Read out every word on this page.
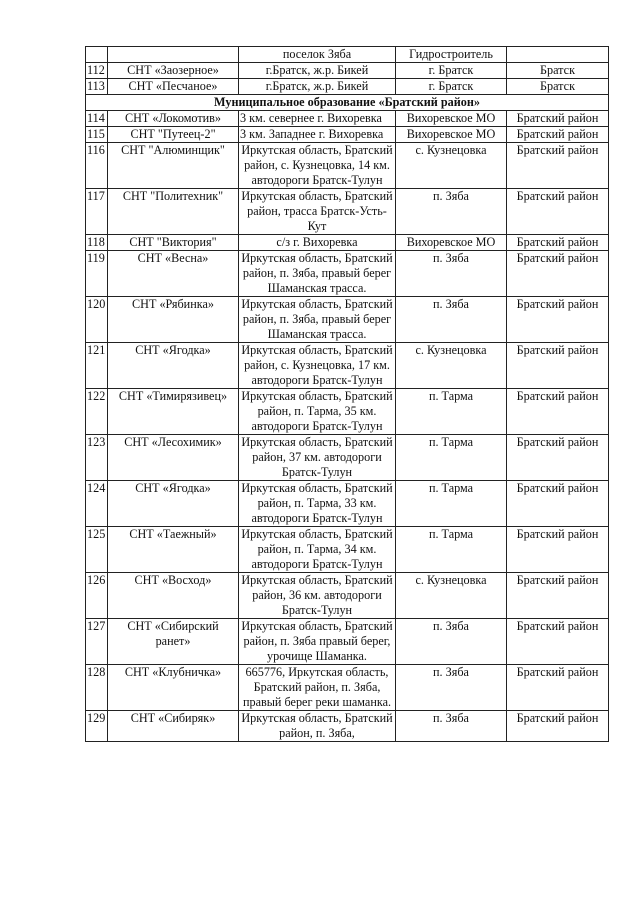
		поселок Зяба	Гидростроитель	
112	СНТ «Заозерное»	г.Братск, ж.р. Бикей	г. Братск	Братск
113	СНТ «Песчаное»	г.Братск, ж.р. Бикей	г. Братск	Братск
Муниципальное образование «Братский район»				
114	СНТ «Локомотив»	3 км. севернее г. Вихоревка	Вихоревское МО	Братский район
115	СНТ "Путеец-2"	3 км. Западнее г. Вихоревка	Вихоревское МО	Братский район
116	СНТ "Алюминщик"	Иркутская область, Братский район, с. Кузнецовка, 14 км. автодороги Братск-Тулун	с. Кузнецовка	Братский район
117	СНТ "Политехник"	Иркутская область, Братский район, трасса Братск-Усть-Кут	п. Зяба	Братский район
118	СНТ "Виктория"	с/з г. Вихоревка	Вихоревское МО	Братский район
119	СНТ «Весна»	Иркутская область, Братский район, п. Зяба, правый берег Шаманская трасса.	п. Зяба	Братский район
120	СНТ «Рябинка»	Иркутская область, Братский район, п. Зяба, правый берег Шаманская трасса.	п. Зяба	Братский район
121	СНТ «Ягодка»	Иркутская область, Братский район, с. Кузнецовка, 17 км. автодороги Братск-Тулун	с. Кузнецовка	Братский район
122	СНТ «Тимирязивец»	Иркутская область, Братский район, п. Тарма, 35 км. автодороги Братск-Тулун	п. Тарма	Братский район
123	СНТ «Лесохимик»	Иркутская область, Братский район, 37 км. автодороги Братск-Тулун	п. Тарма	Братский район
124	СНТ «Ягодка»	Иркутская область, Братский район, п. Тарма, 33 км. автодороги Братск-Тулун	п. Тарма	Братский район
125	СНТ «Таежный»	Иркутская область, Братский район, п. Тарма, 34 км. автодороги Братск-Тулун	п. Тарма	Братский район
126	СНТ «Восход»	Иркутская область, Братский район, 36 км. автодороги Братск-Тулун	с. Кузнецовка	Братский район
127	СНТ «Сибирский ранет»	Иркутская область, Братский район, п. Зяба правый берег, урочище Шаманка.	п. Зяба	Братский район
128	СНТ «Клубничка»	665776, Иркутская область, Братский район, п. Зяба, правый берег реки шаманка.	п. Зяба	Братский район
129	СНТ «Сибиряк»	Иркутская область, Братский район, п. Зяба,	п. Зяба	Братский район
